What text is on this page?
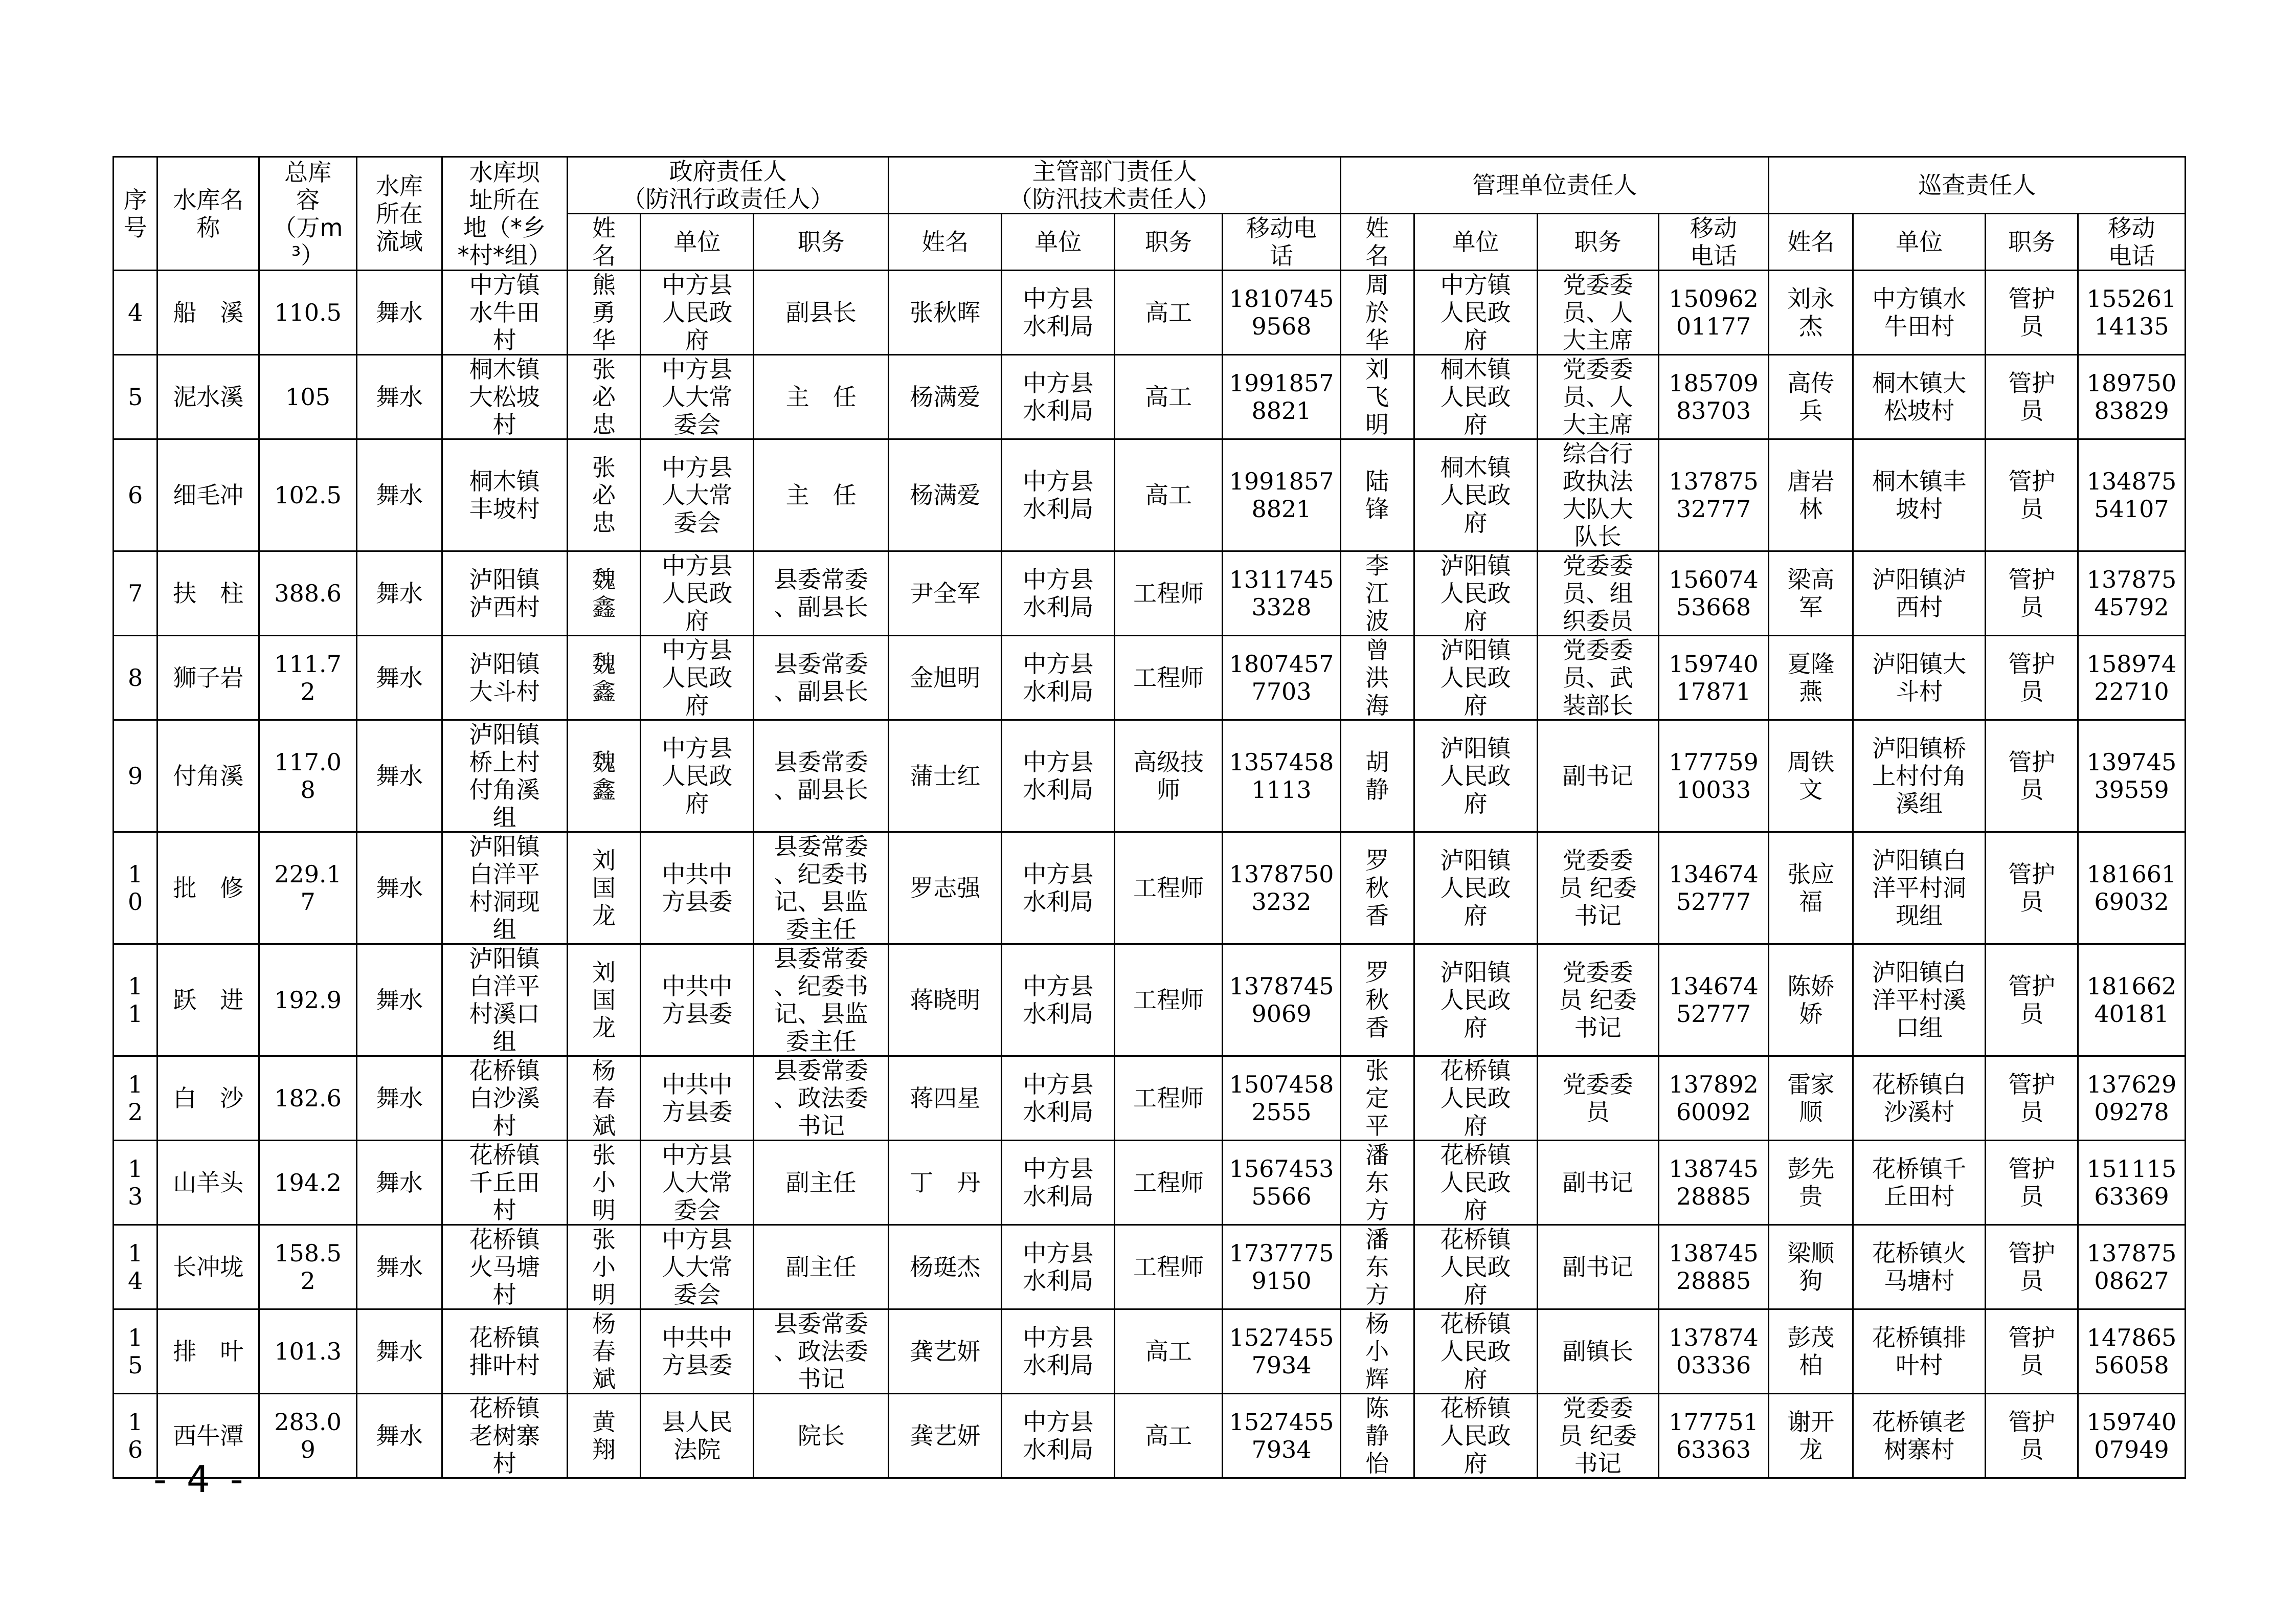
序
号	水库名
称	总库
容
（万m³）	水库
所在
流域	水库坝
址所在
地（*乡
*村*组）	政府责任人
（防汛行政责任人）			主管部门责任人
（防汛技术责任人）				管理单位责任人				巡查责任人			
					姓
名	单位	职务	姓名	单位	职务	移动电
话	姓
名	单位	职务	移动
电话	姓名	单位	职务	移动
电话
4	船　溪	110.5	舞水	中方镇
水牛田
村	熊
勇
华	中方县
人民政
府	副县长	张秋晖	中方县
水利局	高工	1810745
9568	周
於
华	中方镇
人民政
府	党委委
员、人
大主席	150962
01177	刘永
杰	中方镇水
牛田村	管护
员	155261
14135
5	泥水溪	105	舞水	桐木镇
大松坡
村	张
必
忠	中方县
人大常
委会	主　任	杨满爱	中方县
水利局	高工	1991857
8821	刘
飞
明	桐木镇
人民政
府	党委委
员、人
大主席	185709
83703	高传
兵	桐木镇大
松坡村	管护
员	189750
83829
6	细毛冲	102.5	舞水	桐木镇
丰坡村	张
必
忠	中方县
人大常
委会	主　任	杨满爱	中方县
水利局	高工	1991857
8821	陆
锋	桐木镇
人民政
府	综合行
政执法
大队大
队长	137875
32777	唐岩
林	桐木镇丰
坡村	管护
员	134875
54107
7	扶　柱	388.6	舞水	泸阳镇
泸西村	魏
鑫	中方县
人民政
府	县委常委
、副县长	尹全军	中方县
水利局	工程师	1311745
3328	李
江
波	泸阳镇
人民政
府	党委委
员、组
织委员	156074
53668	梁高
军	泸阳镇泸
西村	管护
员	137875
45792
8	狮子岩	111.7
2	舞水	泸阳镇
大斗村	魏
鑫	中方县
人民政
府	县委常委
、副县长	金旭明	中方县
水利局	工程师	1807457
7703	曾
洪
海	泸阳镇
人民政
府	党委委
员、武
装部长	159740
17871	夏隆
燕	泸阳镇大
斗村	管护
员	158974
22710
9	付角溪	117.0
8	舞水	泸阳镇
桥上村
付角溪
组	魏
鑫	中方县
人民政
府	县委常委
、副县长	蒲士红	中方县
水利局	高级技
师	1357458
1113	胡
静	泸阳镇
人民政
府	副书记	177759
10033	周铁
文	泸阳镇桥
上村付角
溪组	管护
员	139745
39559
1
0	批　修	229.1
7	舞水	泸阳镇
白洋平
村洞现
组	刘
国
龙	中共中
方县委	县委常委
、纪委书
记、县监
委主任	罗志强	中方县
水利局	工程师	1378750
3232	罗
秋
香	泸阳镇
人民政
府	党委委
员 纪委
书记	134674
52777	张应
福	泸阳镇白
洋平村洞
现组	管护
员	181661
69032
1
1	跃　进	192.9	舞水	泸阳镇
白洋平
村溪口
组	刘
国
龙	中共中
方县委	县委常委
、纪委书
记、县监
委主任	蒋晓明	中方县
水利局	工程师	1378745
9069	罗
秋
香	泸阳镇
人民政
府	党委委
员 纪委
书记	134674
52777	陈娇
娇	泸阳镇白
洋平村溪
口组	管护
员	181662
40181
1
2	白　沙	182.6	舞水	花桥镇
白沙溪
村	杨
春
斌	中共中
方县委	县委常委
、政法委
书记	蒋四星	中方县
水利局	工程师	1507458
2555	张
定
平	花桥镇
人民政
府	党委委
员	137892
60092	雷家
顺	花桥镇白
沙溪村	管护
员	137629
09278
1
3	山羊头	194.2	舞水	花桥镇
千丘田
村	张
小
明	中方县
人大常
委会	副主任	丁　丹	中方县
水利局	工程师	1567453
5566	潘
东
方	花桥镇
人民政
府	副书记	138745
28885	彭先
贵	花桥镇千
丘田村	管护
员	151115
63369
1
4	长冲垅	158.5
2	舞水	花桥镇
火马塘
村	张
小
明	中方县
人大常
委会	副主任	杨珽杰	中方县
水利局	工程师	1737775
9150	潘
东
方	花桥镇
人民政
府	副书记	138745
28885	梁顺
狗	花桥镇火
马塘村	管护
员	137875
08627
1
5	排　叶	101.3	舞水	花桥镇
排叶村	杨
春
斌	中共中
方县委	县委常委
、政法委
书记	龚艺妍	中方县
水利局	高工	1527455
7934	杨
小
辉	花桥镇
人民政
府	副镇长	137874
03336	彭茂
柏	花桥镇排
叶村	管护
员	147865
56058
1
6	西牛潭	283.0
9	舞水	花桥镇
老树寨
村	黄
翔	县人民
法院	院长	龚艺妍	中方县
水利局	高工	1527455
7934	陈
静
怡	花桥镇
人民政
府	党委委
员 纪委
书记	177751
63363	谢开
龙	花桥镇老
树寨村	管护
员	159740
07949
- 4 -
